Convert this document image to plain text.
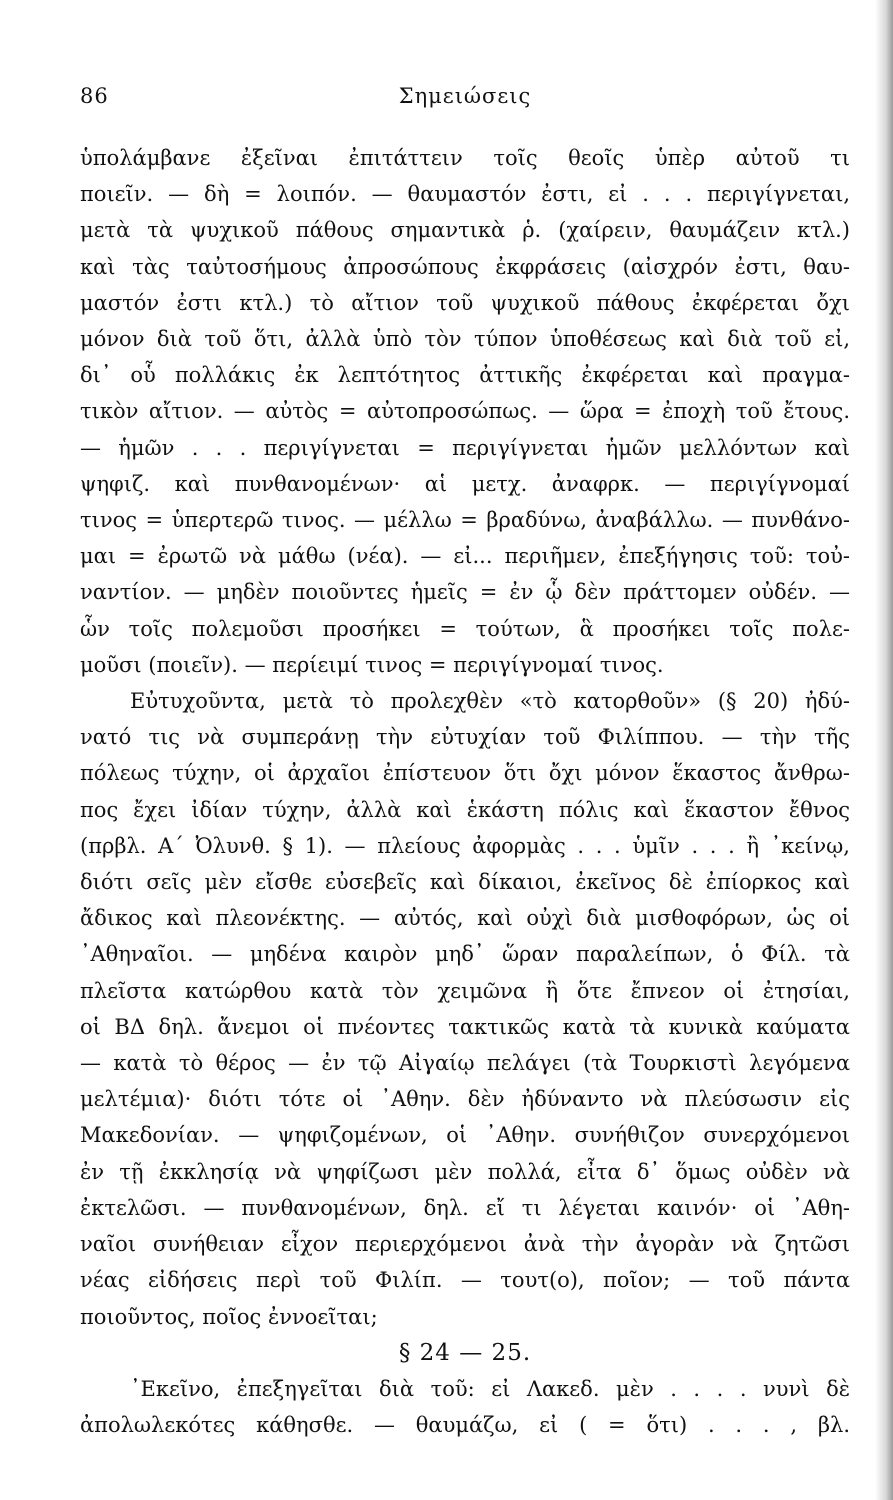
86	Σημειώσεις
ὑπολάμβανε ἐξεῖναι ἐπιτάττειν τοῖς θεοῖς ὑπὲρ αὐτοῦ τι
ποιεῖν. — δὴ = λοιπόν. — θαυμαστόν ἐστι, εἰ . . . περιγίγνεται,
μετὰ τὰ ψυχικοῦ πάθους σημαντικὰ ῥ. (χαίρειν, θαυμάζειν κτλ.)
καὶ τὰς ταὐτοσήμους ἀπροσώπους ἐκφράσεις (αἰσχρόν ἐστι, θαυ-
μαστόν ἐστι κτλ.) τὸ αἴτιον τοῦ ψυχικοῦ πάθους ἐκφέρεται ὄχι
μόνον διὰ τοῦ ὅτι, ἀλλὰ ὑπὸ τὸν τύπον ὑποθέσεως καὶ διὰ τοῦ εἰ,
δι᾽ οὗ πολλάκις ἐκ λεπτότητος ἀττικῆς ἐκφέρεται καὶ πραγμα-
τικὸν αἴτιον. — αὐτὸς = αὐτοπροσώπως. — ὥρα = ἐποχὴ τοῦ ἔτους.
— ἡμῶν . . . περιγίγνεται = περιγίγνεται ἡμῶν μελλόντων καὶ
ψηφιζ. καὶ πυνθανομένων· αἱ μετχ. ἀναφρκ. — περιγίγνομαί
τινος = ὑπερτερῶ τινος. — μέλλω = βραδύνω, ἀναβάλλω. — πυνθάνο-
μαι = ἐρωτῶ νὰ μάθω (νέα). — εἰ... περιῆμεν, ἐπεξήγησις τοῦ: τοὐ-
ναντίον. — μηδὲν ποιοῦντες ἡμεῖς = ἐν ᾧ δὲν πράττομεν οὐδέν. —
ὧν τοῖς πολεμοῦσι προσήκει = τούτων, ἃ προσήκει τοῖς πολε-
μοῦσι (ποιεῖν). — περίειμί τινος = περιγίγνομαί τινος.
Εὐτυχοῦντα, μετὰ τὸ προλεχθὲν «τὸ κατορθοῦν» (§ 20) ἠδύ-
νατό τις νὰ συμπεράνῃ τὴν εὐτυχίαν τοῦ Φιλίππου. — τὴν τῆς
πόλεως τύχην, οἱ ἀρχαῖοι ἐπίστευον ὅτι ὄχι μόνον ἕκαστος ἄνθρω-
πος ἔχει ἰδίαν τύχην, ἀλλὰ καὶ ἑκάστη πόλις καὶ ἕκαστον ἔθνος
(πρβλ. Α´ Ὀλυνθ. § 1). — πλείους ἀφορμὰς . . . ὑμῖν . . . ἢ ᾽κείνῳ,
διότι σεῖς μὲν εἴσθε εὐσεβεῖς καὶ δίκαιοι, ἐκεῖνος δὲ ἐπίορκος καὶ
ἄδικος καὶ πλεονέκτης. — αὐτός, καὶ οὐχὶ διὰ μισθοφόρων, ὡς οἱ
᾽Αθηναῖοι. — μηδένα καιρὸν μηδ᾽ ὥραν παραλείπων, ὁ Φίλ. τὰ
πλεῖστα κατώρθου κατὰ τὸν χειμῶνα ἢ ὅτε ἔπνεον οἱ ἐτησίαι,
οἱ ΒΔ δηλ. ἄνεμοι οἱ πνέοντες τακτικῶς κατὰ τὰ κυνικὰ καύματα
— κατὰ τὸ θέρος — ἐν τῷ Αἰγαίῳ πελάγει (τὰ Τουρκιστὶ λεγόμενα
μελτέμια)· διότι τότε οἱ ᾽Αθην. δὲν ἠδύναντο νὰ πλεύσωσιν εἰς
Μακεδονίαν. — ψηφιζομένων, οἱ ᾽Αθην. συνήθιζον συνερχόμενοι
ἐν τῇ ἐκκλησίᾳ νὰ ψηφίζωσι μὲν πολλά, εἶτα δ᾽ ὅμως οὐδὲν νὰ
ἐκτελῶσι. — πυνθανομένων, δηλ. εἴ τι λέγεται καινόν· οἱ ᾽Αθη-
ναῖοι συνήθειαν εἶχον περιερχόμενοι ἀνὰ τὴν ἀγορὰν νὰ ζητῶσι
νέας εἰδήσεις περὶ τοῦ Φιλίπ. — τουτ(ο), ποῖον; — τοῦ πάντα
ποιοῦντος, ποῖος ἐννοεῖται;
§ 24 — 25.
᾽Εκεῖνο, ἐπεξηγεῖται διὰ τοῦ: εἰ Λακεδ. μὲν . . . . νυνὶ δὲ
ἀπολωλεκότες κάθησθε. — θαυμάζω, εἰ ( = ὅτι) . . . , βλ.
